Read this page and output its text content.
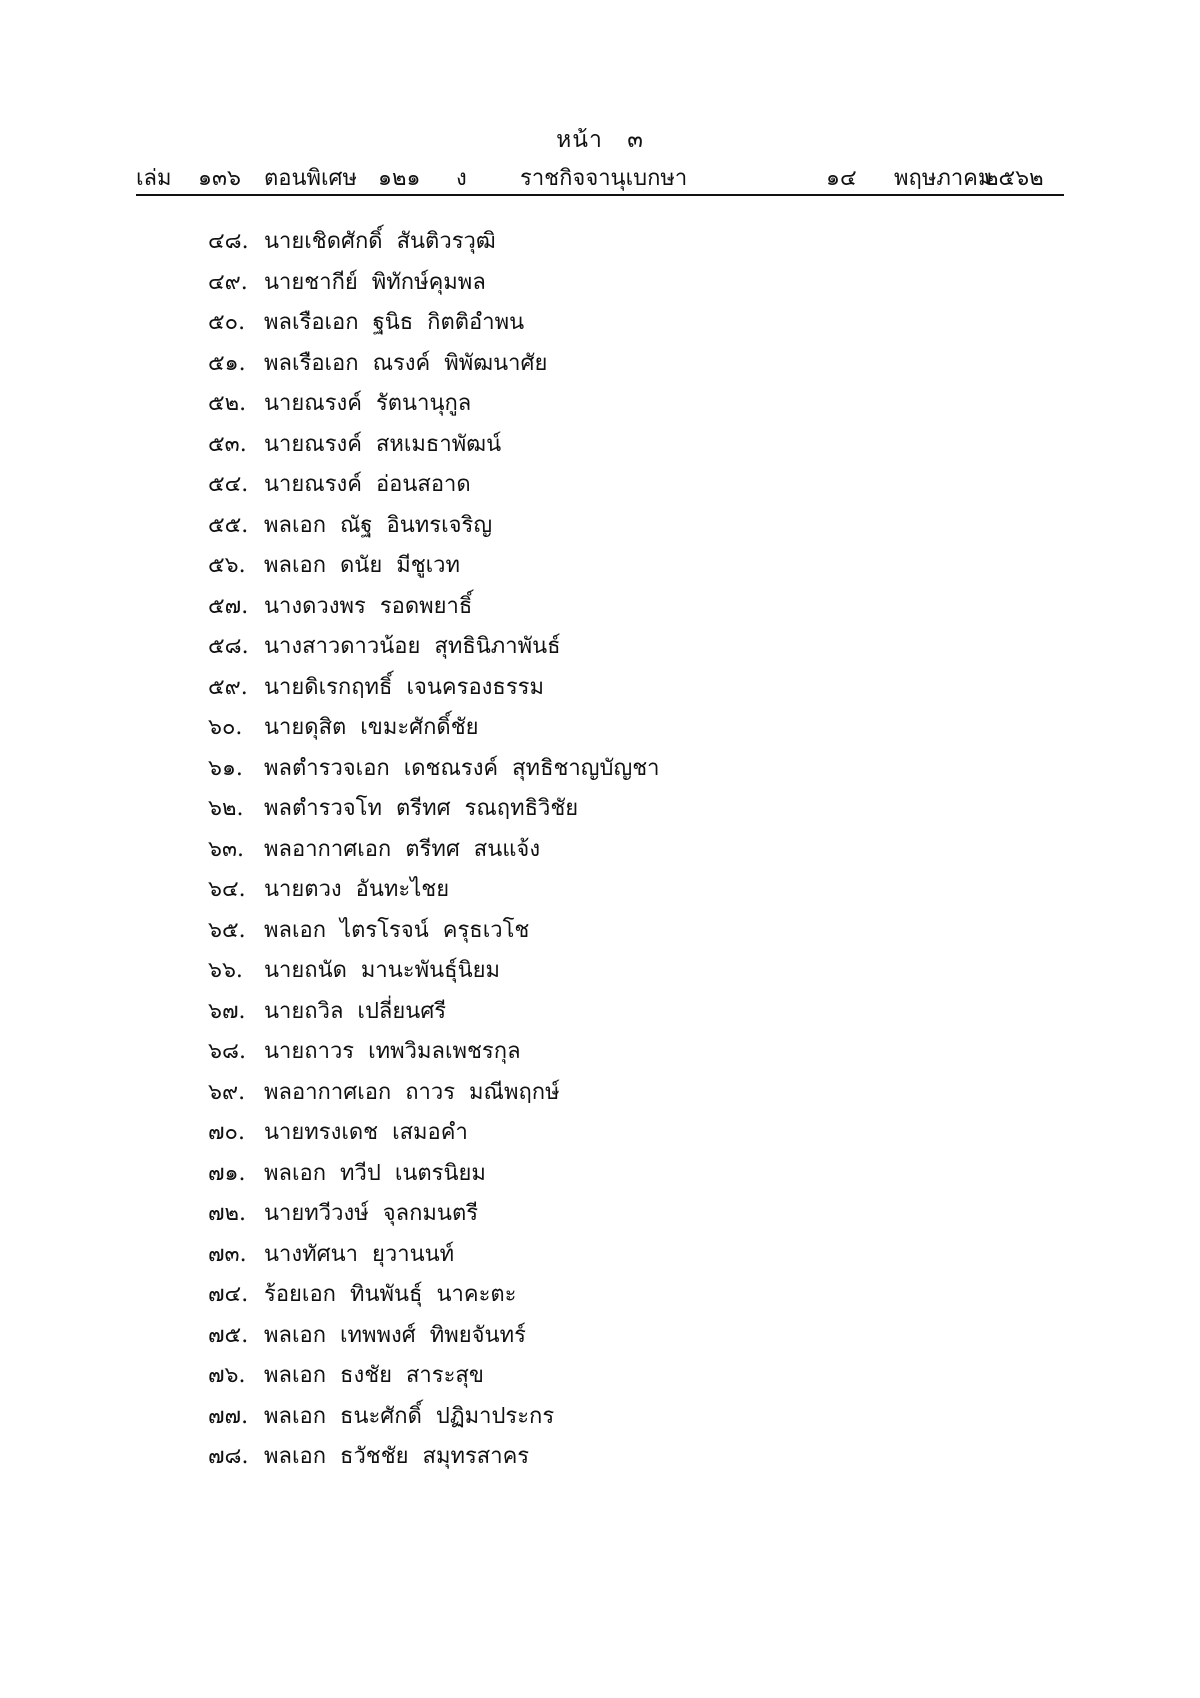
หน้า ๓
เล่ม ๑๓๖ ตอนพิเศษ ๑๒๑ ง ราชกิจจานุเบกษา	๑๔ พฤษภาคม
๒๕๖๒
๔๘. นายเชิดศักดิ์  สันติวรวุฒิ
๔๙. นายชากีย์  พิทักษ์คุมพล
๕๐. พลเรือเอก  ฐนิธ  กิตติอำพน
๕๑. พลเรือเอก  ณรงค์  พิพัฒนาศัย
๕๒. นายณรงค์  รัตนานุกูล
๕๓. นายณรงค์  สหเมธาพัฒน์
๕๔. นายณรงค์  อ่อนสอาด
๕๕. พลเอก  ณัฐ  อินทรเจริญ
๕๖. พลเอก  ดนัย  มีชูเวท
๕๗. นางดวงพร  รอดพยาธิ์
๕๘. นางสาวดาวน้อย  สุทธินิภาพันธ์
๕๙. นายดิเรกฤทธิ์  เจนครองธรรม
๖๐. นายดุสิต  เขมะศักดิ์ชัย
๖๑. พลตำรวจเอก  เดชณรงค์  สุทธิชาญบัญชา
๖๒. พลตำรวจโท  ตรีทศ  รณฤทธิวิชัย
๖๓. พลอากาศเอก  ตรีทศ  สนแจ้ง
๖๔. นายตวง  อันทะไชย
๖๕. พลเอก  ไตรโรจน์  ครุธเวโช
๖๖. นายถนัด  มานะพันธุ์นิยม
๖๗. นายถวิล  เปลี่ยนศรี
๖๘. นายถาวร  เทพวิมลเพชรกุล
๖๙. พลอากาศเอก  ถาวร  มณีพฤกษ์
๗๐. นายทรงเดช  เสมอคำ
๗๑. พลเอก  ทวีป  เนตรนิยม
๗๒. นายทวีวงษ์  จุลกมนตรี
๗๓. นางทัศนา  ยุวานนท์
๗๔. ร้อยเอก  ทินพันธุ์  นาคะตะ
๗๕. พลเอก  เทพพงศ์  ทิพยจันทร์
๗๖. พลเอก  ธงชัย  สาระสุข
๗๗. พลเอก  ธนะศักดิ์  ปฏิมาประกร
๗๘. พลเอก  ธวัชชัย  สมุทรสาคร
